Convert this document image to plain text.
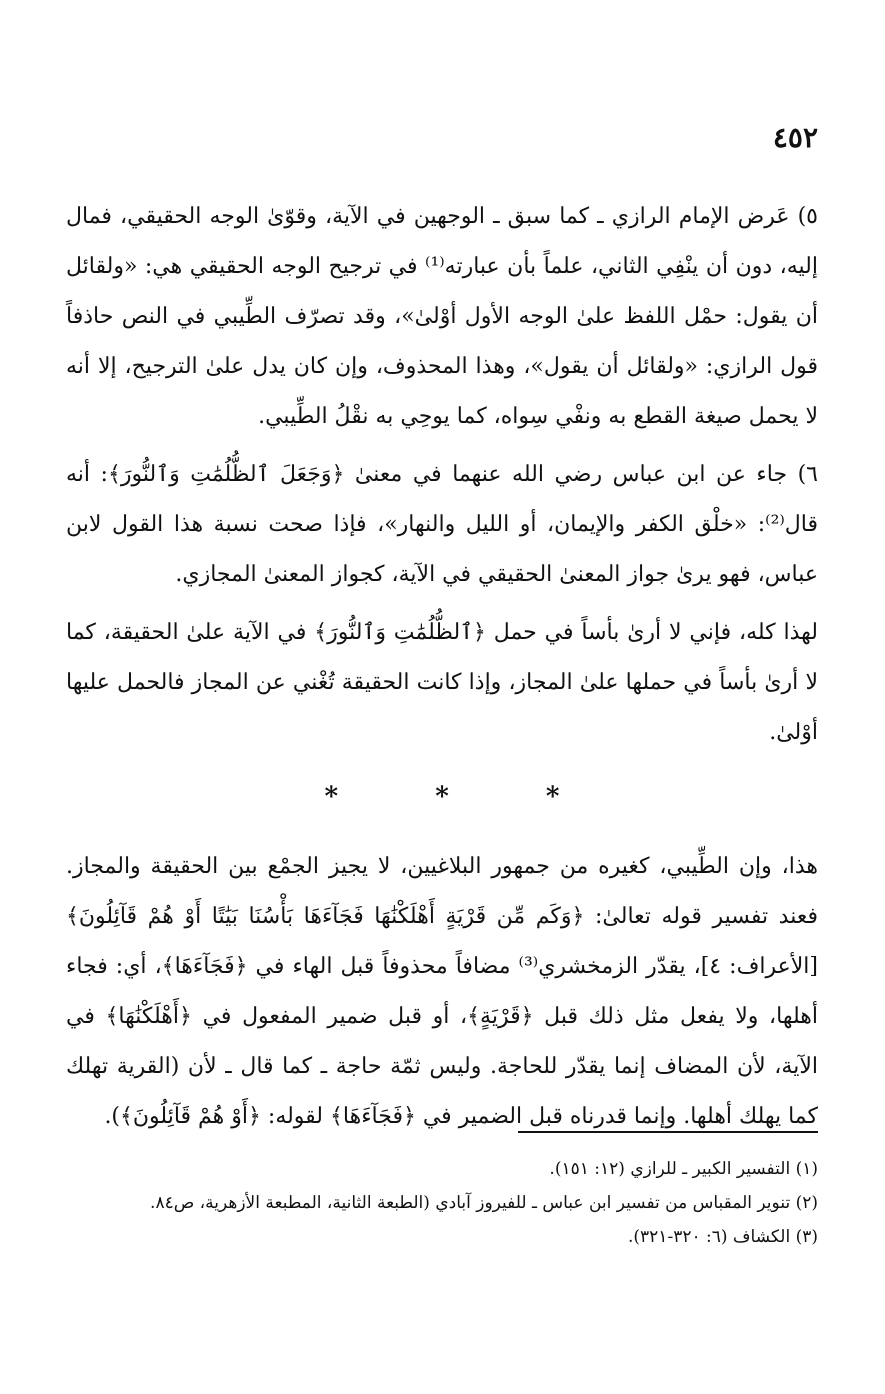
٤٥٢

٥) عَرض الإمام الرازي ـ كما سبق ـ الوجهين في الآية، وقوّىٰ الوجه الحقيقي، فمال إليه، دون أن ينْفِي الثاني، علماً بأن عبارته⁽¹⁾ في ترجيح الوجه الحقيقي هي: «ولقائل أن يقول: حمْل اللفظ علىٰ الوجه الأول أوْلىٰ»، وقد تصرّف الطِّيبي في النص حاذفاً قول الرازي: «ولقائل أن يقول»، وهذا المحذوف، وإن كان يدل علىٰ الترجيح، إلا أنه لا يحمل صيغة القطع به ونفْي سِواه، كما يوحِي به نقْلُ الطِّيبي.

٦) جاء عن ابن عباس رضي الله عنهما في معنىٰ ﴿وَجَعَلَ ٱلظُّلُمَٰتِ وَٱلنُّورَ﴾: أنه قال⁽²⁾: «خلْق الكفر والإيمان، أو الليل والنهار»، فإذا صحت نسبة هذا القول لابن عباس، فهو يرىٰ جواز المعنىٰ الحقيقي في الآية، كجواز المعنىٰ المجازي.

لهذا كله، فإني لا أرىٰ بأساً في حمل ﴿ٱلظُّلُمَٰتِ وَٱلنُّورَ﴾ في الآية علىٰ الحقيقة، كما لا أرىٰ بأساً في حملها علىٰ المجاز، وإذا كانت الحقيقة تُغْني عن المجاز فالحمل عليها أوْلىٰ.

* * *

هذا، وإن الطِّيبي، كغيره من جمهور البلاغيين، لا يجيز الجمْع بين الحقيقة والمجاز. فعند تفسير قوله تعالىٰ: ﴿وَكَم مِّن قَرْيَةٍ أَهْلَكْنَٰهَا فَجَآءَهَا بَأْسُنَا بَيَٰتًا أَوْ هُمْ قَآئِلُونَ﴾ [الأعراف: ٤]، يقدّر الزمخشري⁽³⁾ مضافاً محذوفاً قبل الهاء في ﴿فَجَآءَهَا﴾، أي: فجاء أهلها، ولا يفعل مثل ذلك قبل ﴿قَرْيَةٍ﴾، أو قبل ضمير المفعول في ﴿أَهْلَكْنَٰهَا﴾ في الآية، لأن المضاف إنما يقدّر للحاجة. وليس ثمّة حاجة ـ كما قال ـ لأن (القرية تهلك كما يهلك أهلها. وإنما قدرناه قبل الضمير في ﴿فَجَآءَهَا﴾ لقوله: ﴿أَوْ هُمْ قَآئِلُونَ﴾).

(١) التفسير الكبير ـ للرازي (١٢: ١٥١).

(٢) تنوير المقباس من تفسير ابن عباس ـ للفيروز آبادي (الطبعة الثانية، المطبعة الأزهرية، ص٨٤.

(٣) الكشاف (٦: ٣٢٠-٣٢١).
